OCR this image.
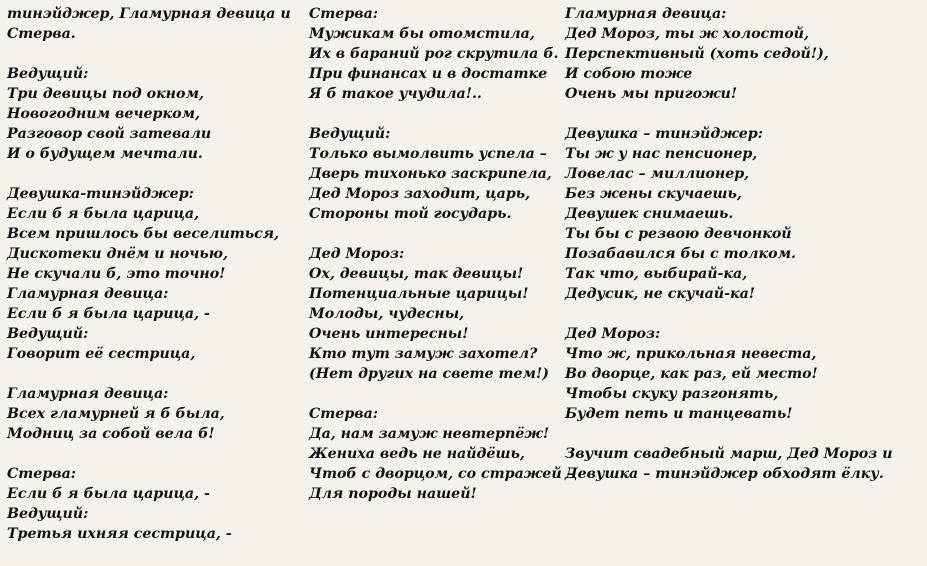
тинэйджер, Гламурная девица и
Стерва.
Ведущий:
Три девицы под окном,
Новогодним вечерком,
Разговор свой затевали
И о будущем мечтали.
Девушка-тинэйджер:
Если б я была царица,
Всем пришлось бы веселиться,
Дискотеки днём и ночью,
Не скучали б, это точно!
Гламурная девица:
Если б я была царица, -
Ведущий:
Говорит её сестрица,
Гламурная девица:
Всех гламурней я б была,
Модниц за собой вела б!
Стерва:
Если б я была царица, -
Ведущий:
Третья ихняя сестрица, -
Стерва:
Мужикам бы отомстила,
Их в бараний рог скрутила б.
При финансах и в достатке
Я б такое учудила!..
Ведущий:
Только вымолвить успела –
Дверь тихонько заскрипела,
Дед Мороз заходит, царь,
Стороны той государь.
Дед Мороз:
Ох, девицы, так девицы!
Потенциальные царицы!
Молоды, чудесны,
Очень интересны!
Кто тут замуж захотел?
(Нет других на свете тем!)
Стерва:
Да, нам замуж невтерпёж!
Жениха ведь не найдёшь,
Чтоб с дворцом, со стражей –
Для породы нашей!
Гламурная девица:
Дед Мороз, ты ж холостой,
Перспективный (хоть седой!),
И собою тоже
Очень мы пригожи!
Девушка – тинэйджер:
Ты ж у нас пенсионер,
Ловелас – миллионер,
Без жены скучаешь,
Девушек снимаешь.
Ты бы с резвою девчонкой
Позабавился бы с толком.
Так что, выбирай-ка,
Дедусик, не скучай-ка!
Дед Мороз:
Что ж, прикольная невеста,
Во дворце, как раз, ей место!
Чтобы скуку разгонять,
Будет петь и танцевать!
Звучит свадебный марш, Дед Мороз и
Девушка – тинэйджер обходят ёлку.
